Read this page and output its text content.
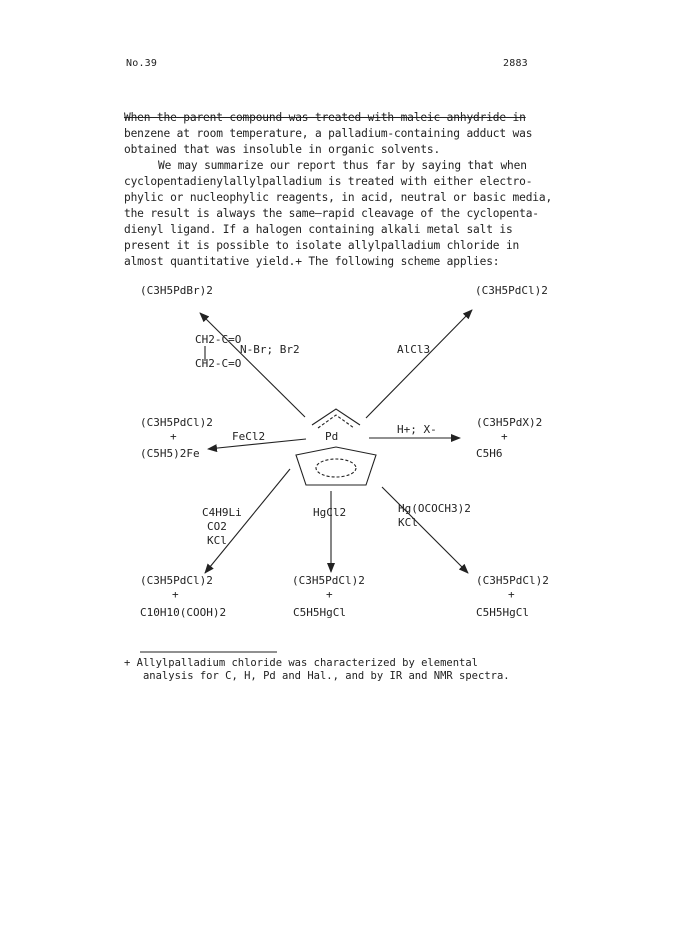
No.39	2883

When the parent compound was treated with maleic anhydride in

benzene at room temperature, a palladium-containing adduct was

obtained that was insoluble in organic solvents.

We may summarize our report thus far by saying that when

cyclopentadienylallylpalladium is treated with either electro-

phylic or nucleophylic reagents, in acid, neutral or basic media,

the result is always the same—rapid cleavage of the cyclopenta-

dienyl ligand. If a halogen containing alkali metal salt is

present it is possible to isolate allylpalladium chloride in

almost quantitative yield.+ The following scheme applies:

Pd
(C3H5PdBr)2	(C3H5PdCl)2
CH2-C=O
N-Br; Br2
CH2-C=O
AlCl3
(C3H5PdCl)2
+
(C5H5)2Fe
FeCl2
H+; X-
(C3H5PdX)2
+
C5H6
C4H9Li
CO2
KCl
HgCl2	Hg(OCOCH3)2
KCl
(C3H5PdCl)2
+
C10H10(COOH)2
(C3H5PdCl)2
+
C5H5HgCl
(C3H5PdCl)2
+
C5H5HgCl

+ Allylpalladium chloride was characterized by elemental

analysis for C, H, Pd and Hal., and by IR and NMR spectra.
